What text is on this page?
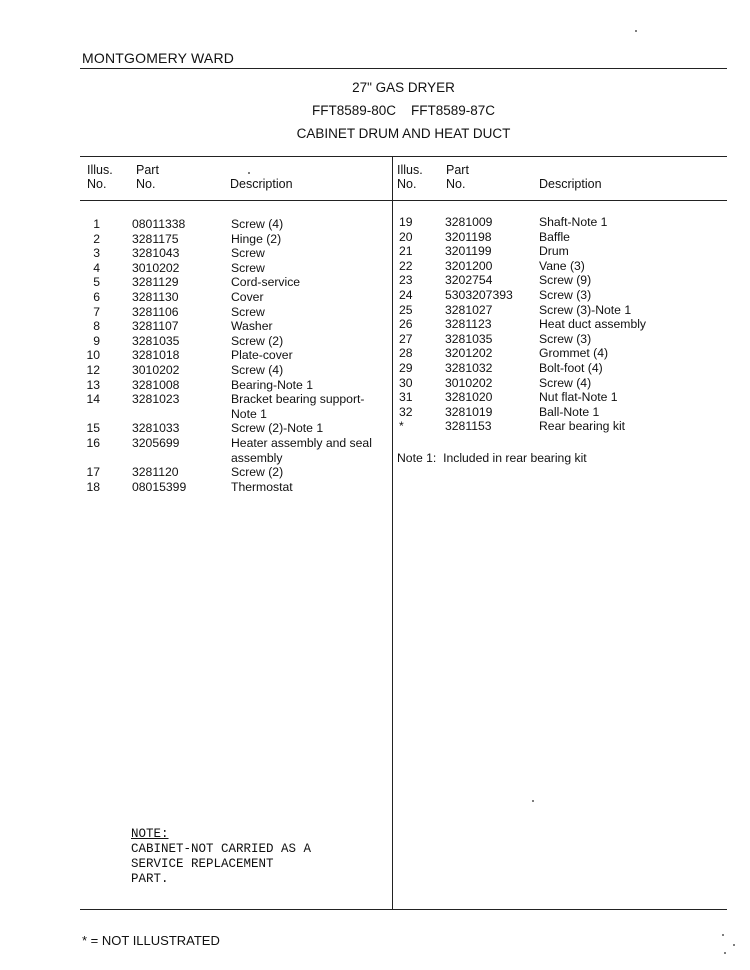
MONTGOMERY WARD
27" GAS DRYER
FFT8589-80C    FFT8589-87C
CABINET DRUM AND HEAT DUCT
Illus.
No.
Part
No.	Description
Illus.
No.
Part
No.	Description
1	08011338	Screw (4)
2	3281175	Hinge (2)
3	3281043	Screw
4	3010202	Screw
5	3281129	Cord-service
6	3281130	Cover
7	3281106	Screw
8	3281107	Washer
9	3281035	Screw (2)
10	3281018	Plate-cover
12	3010202	Screw (4)
13	3281008	Bearing-Note 1
14	3281023	Bracket bearing support-
Note 1
15	3281033	Screw (2)-Note 1
16	3205699	Heater assembly and seal
assembly
17	3281120	Screw (2)
18	08015399	Thermostat
19	3281009	Shaft-Note 1
20	3201198	Baffle
21	3201199	Drum
22	3201200	Vane (3)
23	3202754	Screw (9)
24	5303207393 Screw (3)
25	3281027	Screw (3)-Note 1
26	3281123	Heat duct assembly
27	3281035	Screw (3)
28	3201202	Grommet (4)
29	3281032	Bolt-foot (4)
30	3010202	Screw (4)
31	3281020	Nut flat-Note 1
32	3281019	Ball-Note 1
*	3281153	Rear bearing kit
Note 1:  Included in rear bearing kit
NOTE:
CABINET-NOT CARRIED AS A
SERVICE REPLACEMENT
PART.
* = NOT ILLUSTRATED
